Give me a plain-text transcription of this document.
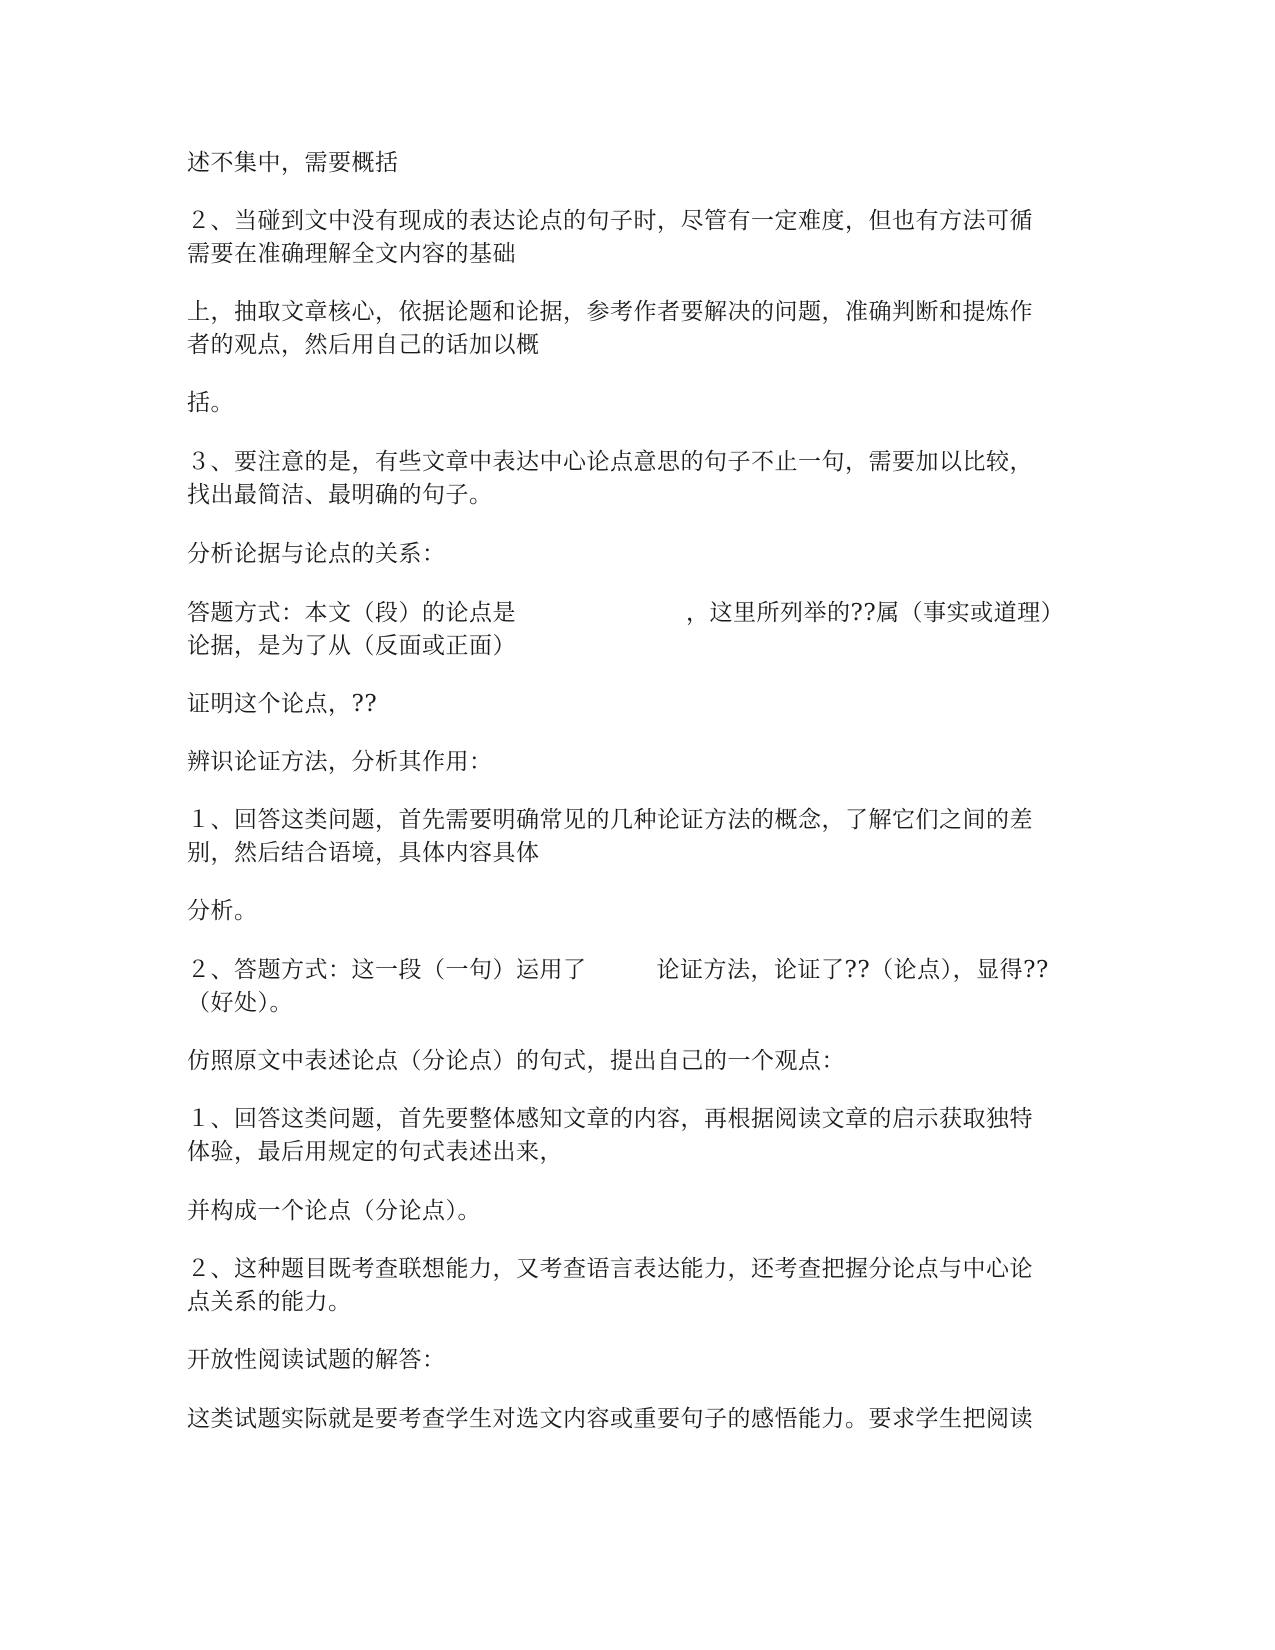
述不集中，需要概括

２、当碰到文中没有现成的表达论点的句子时，尽管有一定难度，但也有方法可循
需要在准确理解全文内容的基础

上，抽取文章核心，依据论题和论据，参考作者要解决的问题，准确判断和提炼作
者的观点，然后用自己的话加以概

括。

３、要注意的是，有些文章中表达中心论点意思的句子不止一句，需要加以比较，
找出最简洁、最明确的句子。

分析论据与论点的关系：

答题方式：本文（段）的论点是	，这里所列举的??属（事实或道理）
论据，是为了从（反面或正面）

证明这个论点，??

辨识论证方法，分析其作用：

１、回答这类问题，首先需要明确常见的几种论证方法的概念，了解它们之间的差
别，然后结合语境，具体内容具体

分析。

２、答题方式：这一段（一句）运用了	论证方法，论证了??（论点），显得??
（好处）。

仿照原文中表述论点（分论点）的句式，提出自己的一个观点：

１、回答这类问题，首先要整体感知文章的内容，再根据阅读文章的启示获取独特
体验，最后用规定的句式表述出来，

并构成一个论点（分论点）。

２、这种题目既考查联想能力，又考查语言表达能力，还考查把握分论点与中心论
点关系的能力。

开放性阅读试题的解答：

这类试题实际就是要考查学生对选文内容或重要句子的感悟能力。要求学生把阅读
